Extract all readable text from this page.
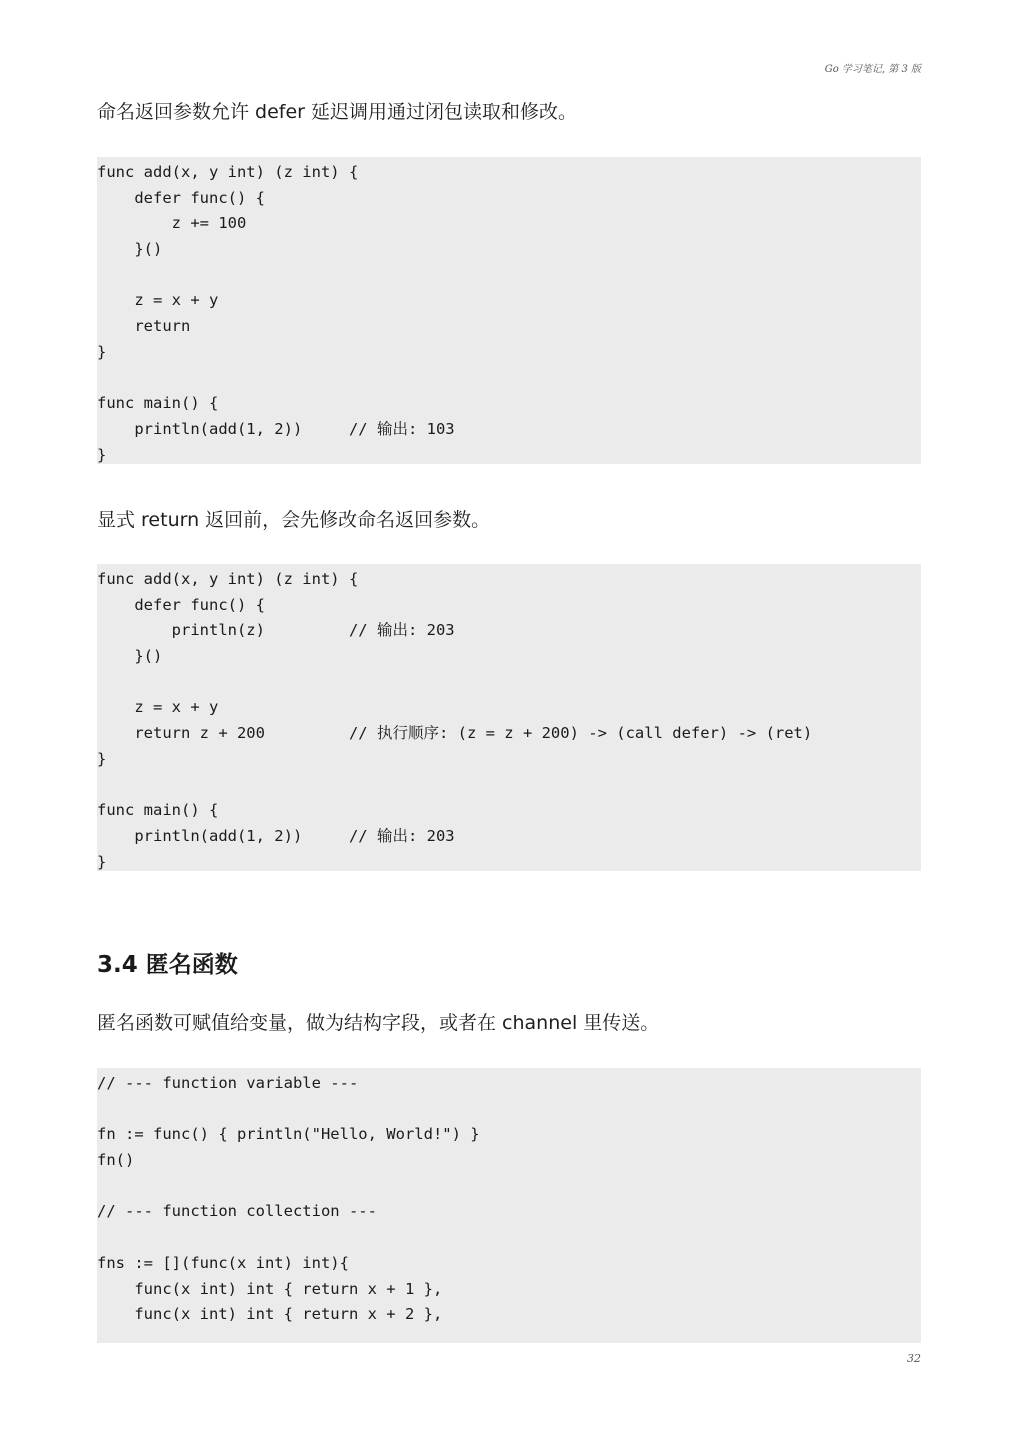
Go 学习笔记, 第 3 版
命名返回参数允许 defer 延迟调用通过闭包读取和修改。
func add(x, y int) (z int) {
defer func() {
z += 100
}()
z = x + y
return
}
func main() {
println(add(1, 2))     // 输出: 103
}
显式 return 返回前，会先修改命名返回参数。
func add(x, y int) (z int) {
defer func() {
println(z)         // 输出: 203
}()
z = x + y
return z + 200         // 执行顺序: (z = z + 200) -> (call defer) -> (ret)
}
func main() {
println(add(1, 2))     // 输出: 203
}
3.4 匿名函数
匿名函数可赋值给变量，做为结构字段，或者在 channel 里传送。
// --- function variable ---
fn := func() { println("Hello, World!") }
fn()
// --- function collection ---
fns := [](func(x int) int){
func(x int) int { return x + 1 },
func(x int) int { return x + 2 },
32
